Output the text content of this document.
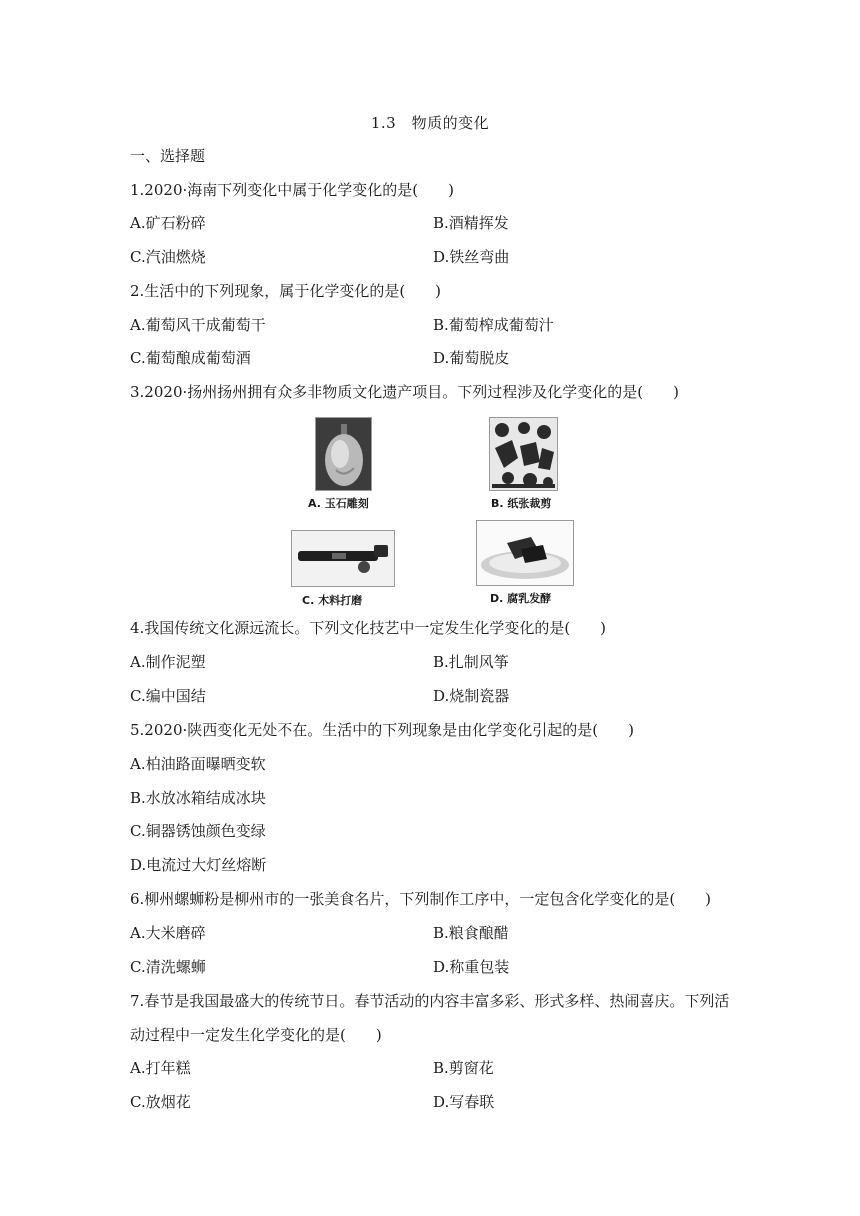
1.3　物质的变化
一、选择题
1.2020·海南下列变化中属于化学变化的是(　　)
A.矿石粉碎	B.酒精挥发
C.汽油燃烧	D.铁丝弯曲
2.生活中的下列现象，属于化学变化的是(　　)
A.葡萄风干成葡萄干	B.葡萄榨成葡萄汁
C.葡萄酿成葡萄酒	D.葡萄脱皮
3.2020·扬州扬州拥有众多非物质文化遗产项目。下列过程涉及化学变化的是(　　)
A. 玉石雕刻	B. 纸张裁剪
C. 木料打磨	D. 腐乳发酵
4.我国传统文化源远流长。下列文化技艺中一定发生化学变化的是(　　)
A.制作泥塑	B.扎制风筝
C.编中国结	D.烧制瓷器
5.2020·陕西变化无处不在。生活中的下列现象是由化学变化引起的是(　　)
A.柏油路面曝晒变软
B.水放冰箱结成冰块
C.铜器锈蚀颜色变绿
D.电流过大灯丝熔断
6.柳州螺蛳粉是柳州市的一张美食名片，下列制作工序中，一定包含化学变化的是(　　)
A.大米磨碎	B.粮食酿醋
C.清洗螺蛳	D.称重包装
7.春节是我国最盛大的传统节日。春节活动的内容丰富多彩、形式多样、热闹喜庆。下列活
动过程中一定发生化学变化的是(　　)
A.打年糕	B.剪窗花
C.放烟花	D.写春联
